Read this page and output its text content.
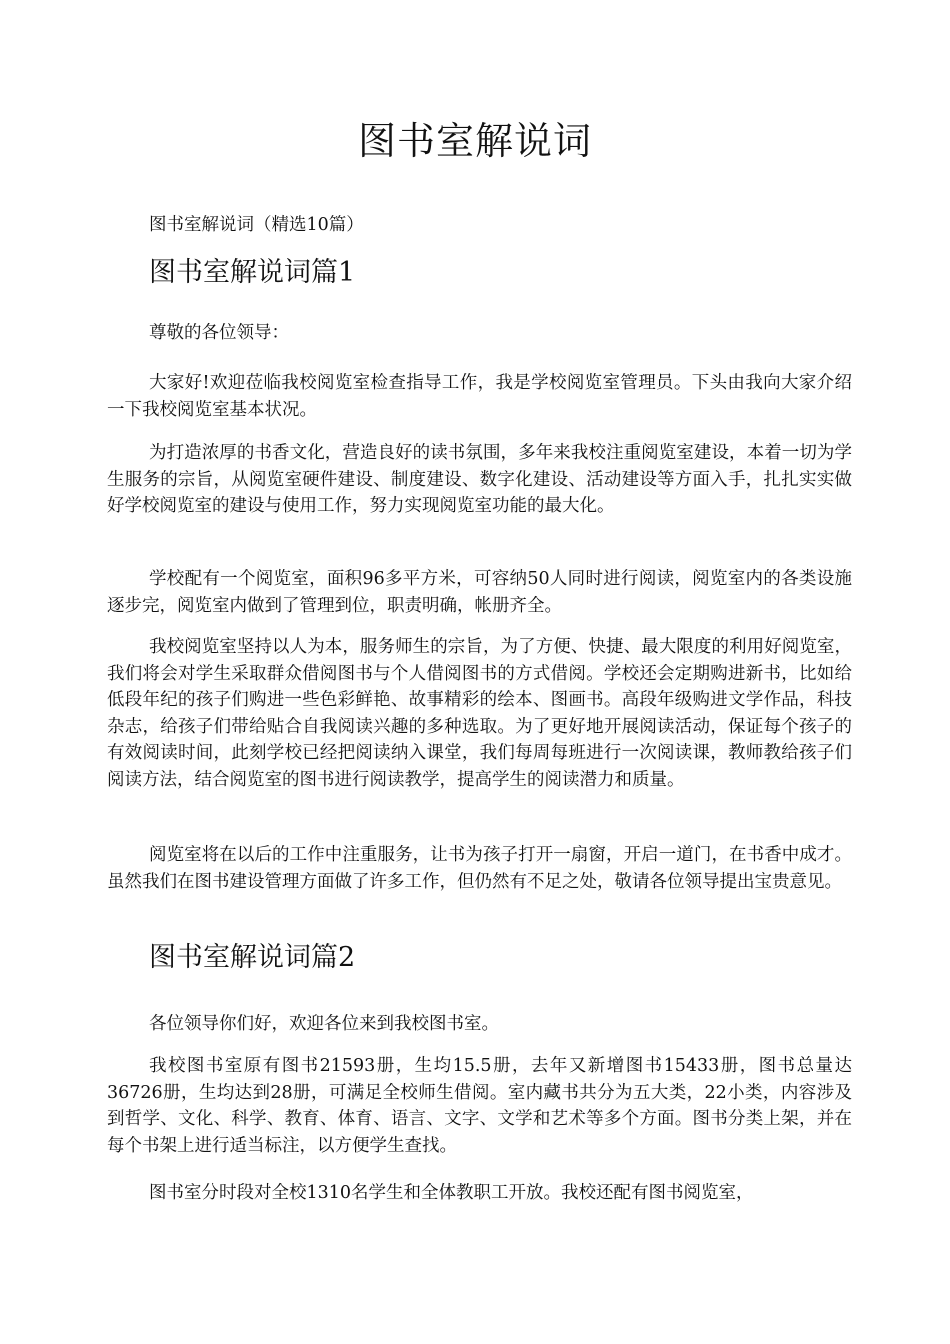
图书室解说词

图书室解说词（精选10篇）

图书室解说词篇1

尊敬的各位领导：

大家好!欢迎莅临我校阅览室检查指导工作，我是学校阅览室管理员。下头由我向大家介绍一下我校阅览室基本状况。

为打造浓厚的书香文化，营造良好的读书氛围，多年来我校注重阅览室建设，本着一切为学生服务的宗旨，从阅览室硬件建设、制度建设、数字化建设、活动建设等方面入手，扎扎实实做好学校阅览室的建设与使用工作，努力实现阅览室功能的最大化。

学校配有一个阅览室，面积96多平方米，可容纳50人同时进行阅读，阅览室内的各类设施逐步完，阅览室内做到了管理到位，职责明确，帐册齐全。

我校阅览室坚持以人为本，服务师生的宗旨，为了方便、快捷、最大限度的利用好阅览室，我们将会对学生采取群众借阅图书与个人借阅图书的方式借阅。学校还会定期购进新书，比如给低段年纪的孩子们购进一些色彩鲜艳、故事精彩的绘本、图画书。高段年级购进文学作品，科技杂志，给孩子们带给贴合自我阅读兴趣的多种选取。为了更好地开展阅读活动，保证每个孩子的有效阅读时间，此刻学校已经把阅读纳入课堂，我们每周每班进行一次阅读课，教师教给孩子们阅读方法，结合阅览室的图书进行阅读教学，提高学生的阅读潜力和质量。

阅览室将在以后的工作中注重服务，让书为孩子打开一扇窗，开启一道门，在书香中成才。虽然我们在图书建设管理方面做了许多工作，但仍然有不足之处，敬请各位领导提出宝贵意见。

图书室解说词篇2

各位领导你们好，欢迎各位来到我校图书室。

我校图书室原有图书21593册，生均15.5册，去年又新增图书15433册，图书总量达36726册，生均达到28册，可满足全校师生借阅。室内藏书共分为五大类，22小类，内容涉及到哲学、文化、科学、教育、体育、语言、文字、文学和艺术等多个方面。图书分类上架，并在每个书架上进行适当标注，以方便学生查找。

图书室分时段对全校1310名学生和全体教职工开放。我校还配有图书阅览室，
